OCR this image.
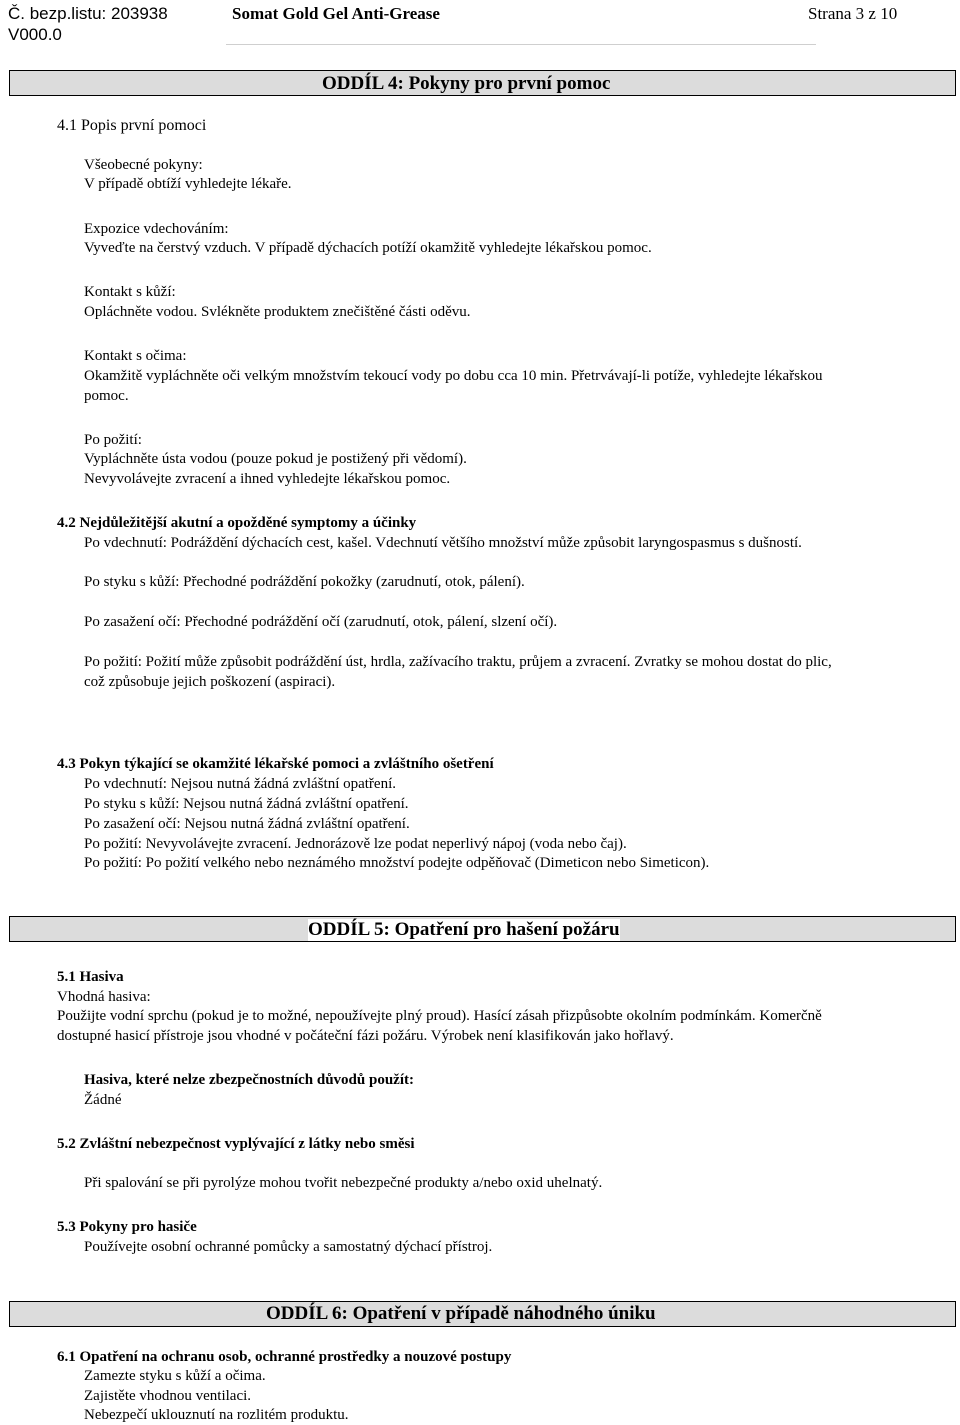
Č. bezp.listu: 203938
V000.0
Somat Gold Gel Anti-Grease	Strana 3 z 10
ODDÍL 4: Pokyny pro první pomoc
4.1 Popis první pomoci
Všeobecné pokyny:
V případě obtíží vyhledejte lékaře.
Expozice vdechováním:
Vyveďte na čerstvý vzduch. V případě dýchacích potíží okamžitě vyhledejte lékařskou pomoc.
Kontakt s kůží:
Opláchněte vodou. Svlékněte produktem znečištěné části oděvu.
Kontakt s očima:
Okamžitě vypláchněte oči velkým množstvím tekoucí vody po dobu cca 10 min. Přetrvávají-li potíže, vyhledejte lékařskou
pomoc.
Po požití:
Vypláchněte ústa vodou (pouze pokud je postižený při vědomí).
Nevyvolávejte zvracení a ihned vyhledejte lékařskou pomoc.
4.2 Nejdůležitější akutní a opožděné symptomy a účinky
Po vdechnutí: Podráždění dýchacích cest, kašel. Vdechnutí většího množství může způsobit laryngospasmus s dušností.
Po styku s kůží: Přechodné podráždění pokožky (zarudnutí, otok, pálení).
Po zasažení očí: Přechodné podráždění očí (zarudnutí, otok, pálení, slzení očí).
Po požití: Požití může způsobit podráždění úst, hrdla, zažívacího traktu, průjem a zvracení. Zvratky se mohou dostat do plic,
což způsobuje jejich poškození (aspiraci).
4.3 Pokyn týkající se okamžité lékařské pomoci a zvláštního ošetření
Po vdechnutí: Nejsou nutná žádná zvláštní opatření.
Po styku s kůží: Nejsou nutná žádná zvláštní opatření.
Po zasažení očí: Nejsou nutná žádná zvláštní opatření.
Po požití: Nevyvolávejte zvracení. Jednorázově lze podat neperlivý nápoj (voda nebo čaj).
Po požití: Po požití velkého nebo neznámého množství podejte odpěňovač (Dimeticon nebo Simeticon).
ODDÍL 5: Opatření pro hašení požáru
5.1 Hasiva
Vhodná hasiva:
Použijte vodní sprchu (pokud je to možné, nepoužívejte plný proud). Hasící zásah přizpůsobte okolním podmínkám. Komerčně
dostupné hasicí přístroje jsou vhodné v počáteční fázi požáru. Výrobek není klasifikován jako hořlavý.
Hasiva, které nelze zbezpečnostních důvodů použít:
Žádné
5.2 Zvláštní nebezpečnost vyplývající z látky nebo směsi
Při spalování se při pyrolýze mohou tvořit nebezpečné produkty a/nebo oxid uhelnatý.
5.3 Pokyny pro hasiče
Používejte osobní ochranné pomůcky a samostatný dýchací přístroj.
ODDÍL 6: Opatření v případě náhodného úniku
6.1 Opatření na ochranu osob, ochranné prostředky a nouzové postupy
Zamezte styku s kůží a očima.
Zajistěte vhodnou ventilaci.
Nebezpečí uklouznutí na rozlitém produktu.
